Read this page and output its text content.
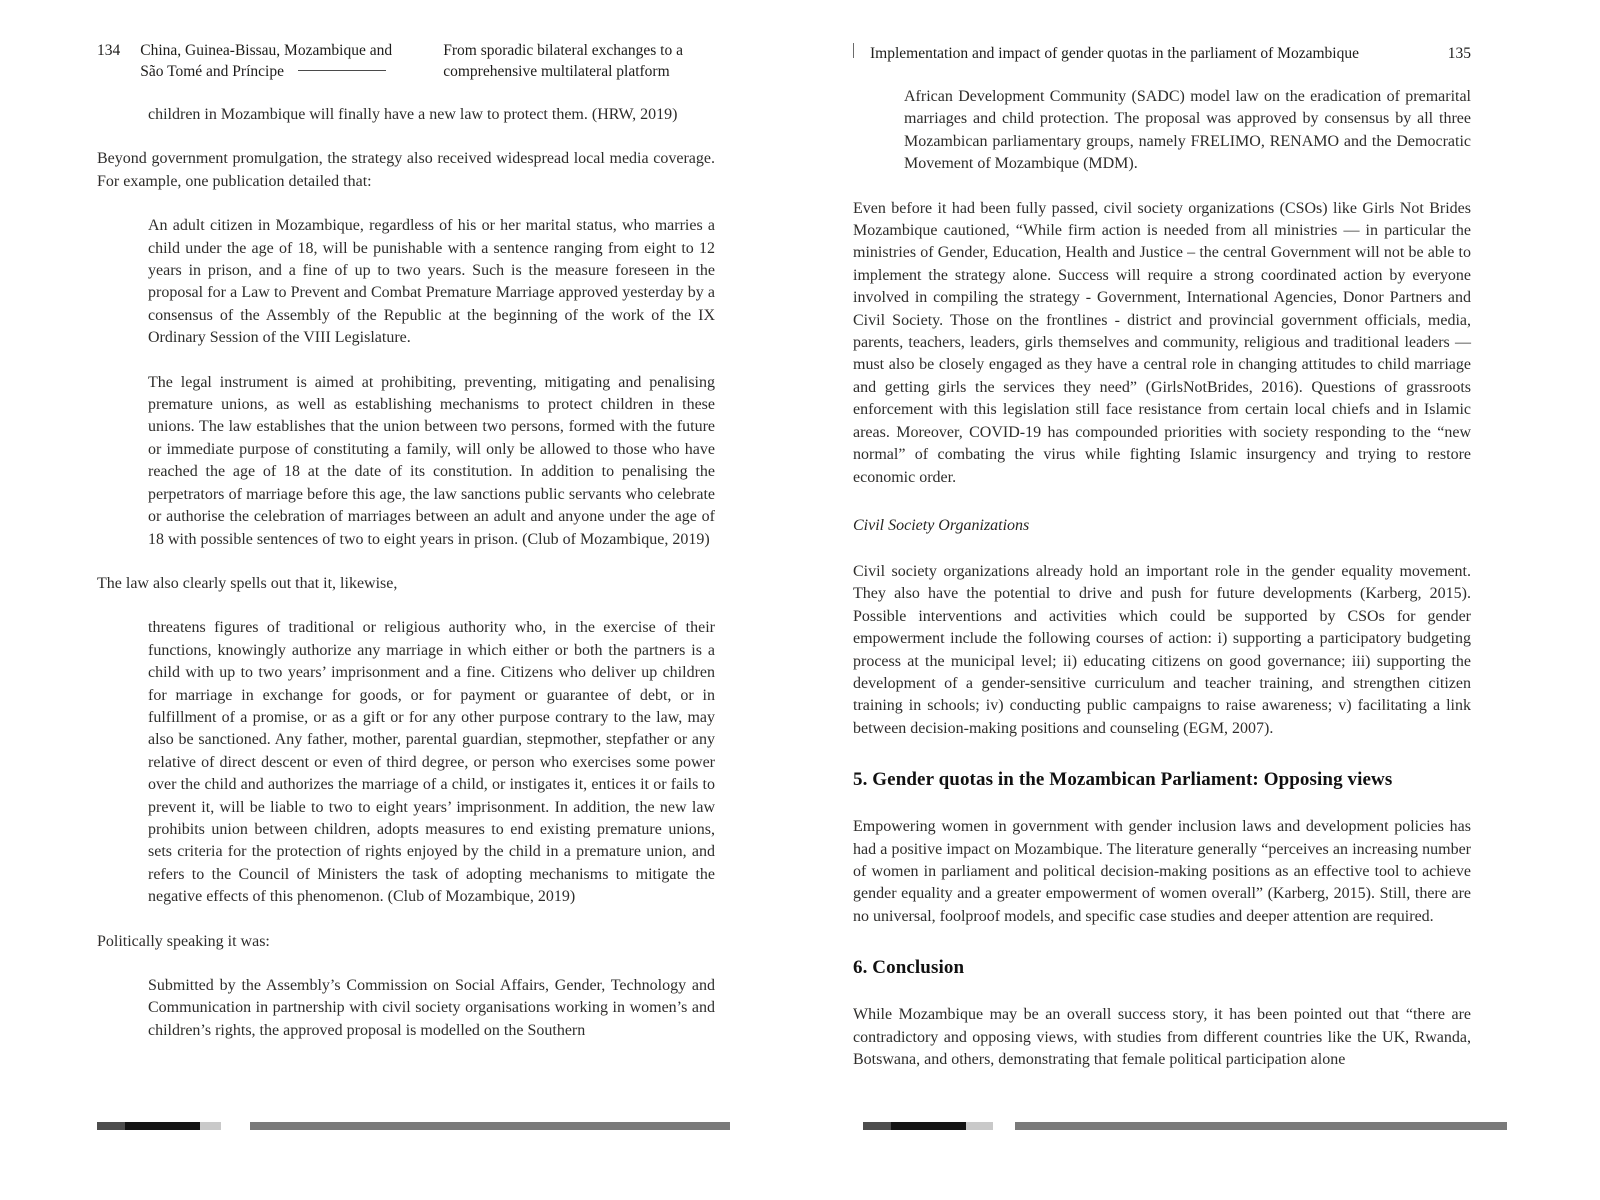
134 China, Guinea-Bissau, Mozambique and
São Tomé and Príncipe
From sporadic bilateral exchanges to a
comprehensive multilateral platform
children in Mozambique will finally have a new law to protect them. (HRW, 2019)
Beyond government promulgation, the strategy also received widespread local media coverage. For example, one publication detailed that:
An adult citizen in Mozambique, regardless of his or her marital status, who marries a child under the age of 18, will be punishable with a sentence ranging from eight to 12 years in prison, and a fine of up to two years. Such is the measure foreseen in the proposal for a Law to Prevent and Combat Premature Marriage approved yesterday by a consensus of the Assembly of the Republic at the beginning of the work of the IX Ordinary Session of the VIII Legislature.
The legal instrument is aimed at prohibiting, preventing, mitigating and penalising premature unions, as well as establishing mechanisms to protect children in these unions. The law establishes that the union between two persons, formed with the future or immediate purpose of constituting a family, will only be allowed to those who have reached the age of 18 at the date of its constitution. In addition to penalising the perpetrators of marriage before this age, the law sanctions public servants who celebrate or authorise the celebration of marriages between an adult and anyone under the age of 18 with possible sentences of two to eight years in prison. (Club of Mozambique, 2019)
The law also clearly spells out that it, likewise,
threatens figures of traditional or religious authority who, in the exercise of their functions, knowingly authorize any marriage in which either or both the partners is a child with up to two years’ imprisonment and a fine. Citizens who deliver up children for marriage in exchange for goods, or for payment or guarantee of debt, or in fulfillment of a promise, or as a gift or for any other purpose contrary to the law, may also be sanctioned. Any father, mother, parental guardian, stepmother, stepfather or any relative of direct descent or even of third degree, or person who exercises some power over the child and authorizes the marriage of a child, or instigates it, entices it or fails to prevent it, will be liable to two to eight years’ imprisonment. In addition, the new law prohibits union between children, adopts measures to end existing premature unions, sets criteria for the protection of rights enjoyed by the child in a premature union, and refers to the Council of Ministers the task of adopting mechanisms to mitigate the negative effects of this phenomenon. (Club of Mozambique, 2019)
Politically speaking it was:
Submitted by the Assembly’s Commission on Social Affairs, Gender, Technology and Communication in partnership with civil society organisations working in women’s and children’s rights, the approved proposal is modelled on the Southern
Implementation and impact of gender quotas in the parliament of Mozambique	135
African Development Community (SADC) model law on the eradication of premarital marriages and child protection. The proposal was approved by consensus by all three Mozambican parliamentary groups, namely FRELIMO, RENAMO and the Democratic Movement of Mozambique (MDM).
Even before it had been fully passed, civil society organizations (CSOs) like Girls Not Brides Mozambique cautioned, “While firm action is needed from all ministries — in particular the ministries of Gender, Education, Health and Justice – the central Government will not be able to implement the strategy alone. Success will require a strong coordinated action by everyone involved in compiling the strategy - Government, International Agencies, Donor Partners and Civil Society. Those on the frontlines - district and provincial government officials, media, parents, teachers, leaders, girls themselves and community, religious and traditional leaders — must also be closely engaged as they have a central role in changing attitudes to child marriage and getting girls the services they need” (GirlsNotBrides, 2016). Questions of grassroots enforcement with this legislation still face resistance from certain local chiefs and in Islamic areas. Moreover, COVID-19 has compounded priorities with society responding to the “new normal” of combating the virus while fighting Islamic insurgency and trying to restore economic order.
Civil Society Organizations
Civil society organizations already hold an important role in the gender equality movement. They also have the potential to drive and push for future developments (Karberg, 2015). Possible interventions and activities which could be supported by CSOs for gender empowerment include the following courses of action: i) supporting a participatory budgeting process at the municipal level; ii) educating citizens on good governance; iii) supporting the development of a gender-sensitive curriculum and teacher training, and strengthen citizen training in schools; iv) conducting public campaigns to raise awareness; v) facilitating a link between decision-making positions and counseling (EGM, 2007).
5. Gender quotas in the Mozambican Parliament: Opposing views
Empowering women in government with gender inclusion laws and development policies has had a positive impact on Mozambique. The literature generally “perceives an increasing number of women in parliament and political decision-making positions as an effective tool to achieve gender equality and a greater empowerment of women overall” (Karberg, 2015). Still, there are no universal, foolproof models, and specific case studies and deeper attention are required.
6. Conclusion
While Mozambique may be an overall success story, it has been pointed out that “there are contradictory and opposing views, with studies from different countries like the UK, Rwanda, Botswana, and others, demonstrating that female political participation alone
